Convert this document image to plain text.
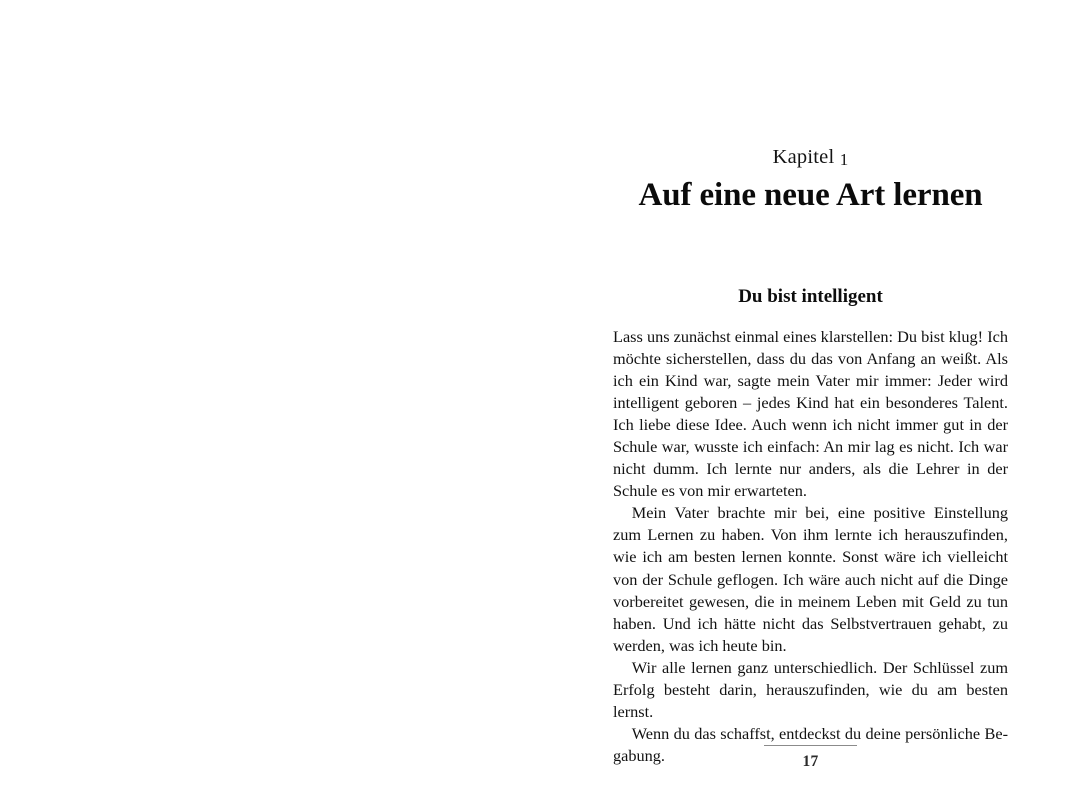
Kapitel 1
Auf eine neue Art lernen
Du bist intelligent

Lass uns zunächst einmal eines klarstellen: Du bist klug! Ich möchte sicherstellen, dass du das von Anfang an weißt. Als ich ein Kind war, sagte mein Vater mir immer: Jeder wird intelligent geboren – jedes Kind hat ein besonderes Talent. Ich liebe diese Idee. Auch wenn ich nicht immer gut in der Schule war, wusste ich einfach: An mir lag es nicht. Ich war nicht dumm. Ich lernte nur anders, als die Lehrer in der Schule es von mir erwarteten.

Mein Vater brachte mir bei, eine positive Einstellung zum Lernen zu haben. Von ihm lernte ich herauszufinden, wie ich am besten lernen konnte. Sonst wäre ich vielleicht von der Schule geflogen. Ich wäre auch nicht auf die Dinge vorbereitet gewesen, die in meinem Leben mit Geld zu tun haben. Und ich hätte nicht das Selbstvertrauen gehabt, zu werden, was ich heute bin.

Wir alle lernen ganz unterschiedlich. Der Schlüssel zum Erfolg besteht darin, herauszufinden, wie du am besten lernst.

Wenn du das schaffst, entdeckst du deine persönliche Begabung.	17
